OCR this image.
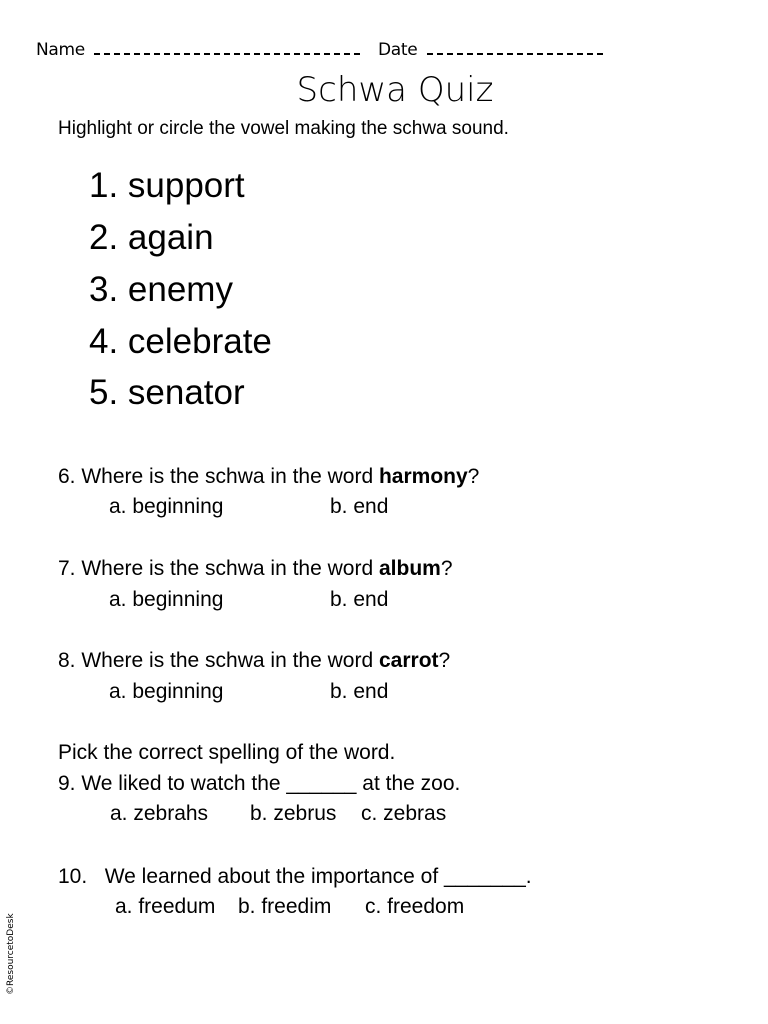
Name	Date
Schwa Quiz
Highlight or circle the vowel making the schwa sound.
1. support
2. again
3. enemy
4. celebrate
5. senator
6. Where is the schwa in the word harmony?
a. beginning	b. end
7. Where is the schwa in the word album?
a. beginning	b. end
8. Where is the schwa in the word carrot?
a. beginning	b. end
Pick the correct spelling of the word.
9. We liked to watch the ______ at the zoo.
a. zebrahs b. zebrus c. zebras
10.   We learned about the importance of _______.
a. freedum b. freedim c. freedom
©ResourcetoDesk
